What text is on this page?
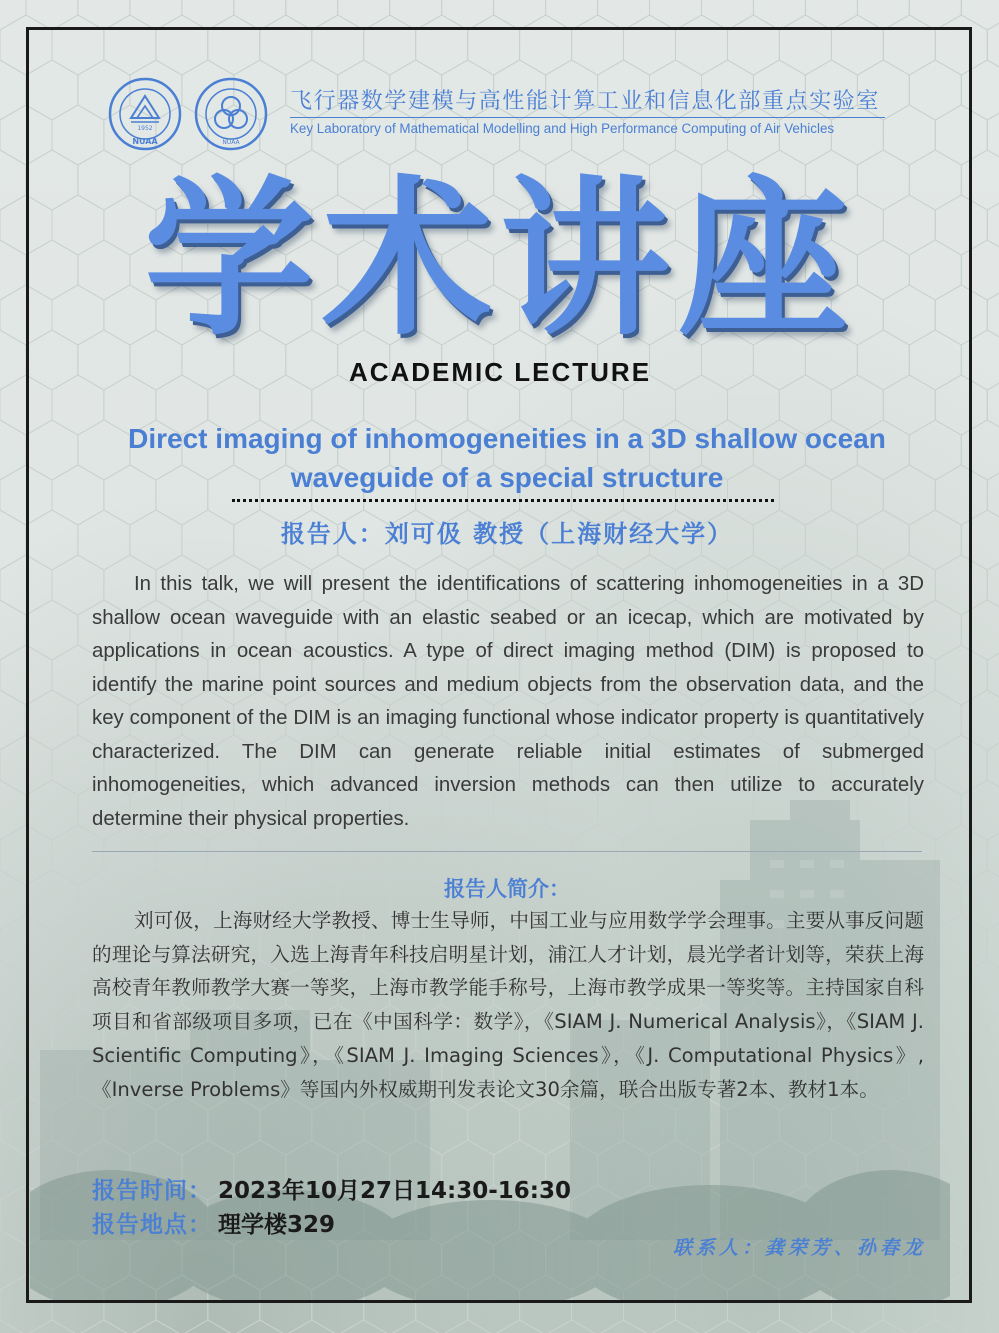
1952
NUAA	NUAA
飞行器数学建模与高性能计算工业和信息化部重点实验室
Key Laboratory of Mathematical Modelling and High Performance Computing of Air Vehicles
学术讲座
ACADEMIC LECTURE
Direct imaging of inhomogeneities in a 3D shallow ocean waveguide of a special structure
报告人：刘可伋 教授（上海财经大学）
In this talk, we will present the identifications of scattering inhomogeneities in a 3D shallow ocean waveguide with an elastic seabed or an icecap, which are motivated by applications in ocean acoustics. A type of direct imaging method (DIM) is proposed to identify the marine point sources and medium objects from the observation data, and the key component of the DIM is an imaging functional whose indicator property is quantitatively characterized. The DIM can generate reliable initial estimates of submerged inhomogeneities, which advanced inversion methods can then utilize to accurately determine their physical properties.
报告人简介：
刘可伋，上海财经大学教授、博士生导师，中国工业与应用数学学会理事。主要从事反问题的理论与算法研究，入选上海青年科技启明星计划，浦江人才计划，晨光学者计划等，荣获上海高校青年教师教学大赛一等奖，上海市教学能手称号，上海市教学成果一等奖等。主持国家自科项目和省部级项目多项，已在《中国科学：数学》，《SIAM J. Numerical Analysis》，《SIAM J. Scientific Computing》，《SIAM J. Imaging Sciences》，《J. Computational Physics》,《Inverse Problems》等国内外权威期刊发表论文30余篇，联合出版专著2本、教材1本。
报告时间： 2023年10月27日14:30-16:30
报告地点： 理学楼329
联系人：龚荣芳、孙春龙
